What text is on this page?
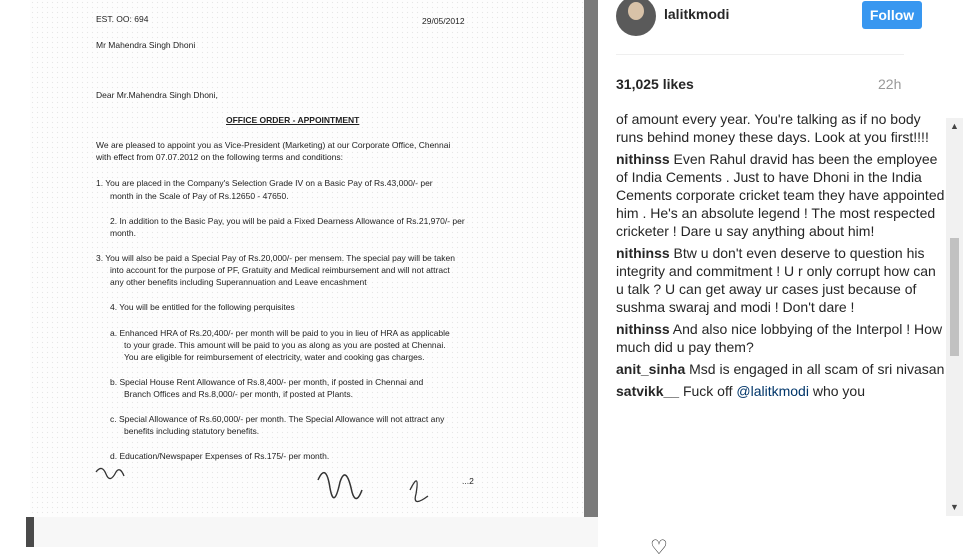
EST. OO: 694	29/05/2012
Mr Mahendra Singh Dhoni
Dear Mr.Mahendra Singh Dhoni,
OFFICE ORDER - APPOINTMENT
We are pleased to appoint you as Vice-President (Marketing) at our Corporate Office, Chennai
with effect from 07.07.2012 on the following terms and conditions:
1. You are placed in the Company's Selection Grade IV on a Basic Pay of Rs.43,000/- per
month in the Scale of Pay of Rs.12650 - 47650.
2. In addition to the Basic Pay, you will be paid a Fixed Dearness Allowance of Rs.21,970/- per
month.
3. You will also be paid a Special Pay of Rs.20,000/- per mensem. The special pay will be taken
into account for the purpose of PF, Gratuity and Medical reimbursement and will not attract
any other benefits including Superannuation and Leave encashment
4. You will be entitled for the following perquisites
a. Enhanced HRA of Rs.20,400/- per month will be paid to you in lieu of HRA as applicable
to your grade. This amount will be paid to you as along as you are posted at Chennai.
You are eligible for reimbursement of electricity, water and cooking gas charges.
b. Special House Rent Allowance of Rs.8,400/- per month, if posted in Chennai and
Branch Offices and Rs.8,000/- per month, if posted at Plants.
c. Special Allowance of Rs.60,000/- per month. The Special Allowance will not attract any
benefits including statutory benefits.
d. Education/Newspaper Expenses of Rs.175/- per month.
...2
lalitkmodi	Follow
31,025 likes	22h
of amount every year. You're talking as if no body runs behind money these days. Look at you first!!!!
nithinss Even Rahul dravid has been the employee of India Cements . Just to have Dhoni in the India Cements corporate cricket team they have appointed him . He's an absolute legend ! The most respected cricketer ! Dare u say anything about him!
nithinss Btw u don't even deserve to question his integrity and commitment ! U r only corrupt how can u talk ? U can get away ur cases just because of sushma swaraj and modi ! Don't dare !
nithinss And also nice lobbying of the Interpol ! How much did u pay them?
anit_sinha Msd is engaged in all scam of sri nivasan
satvikk__ Fuck off @lalitkmodi who you
▲
▼
♡
